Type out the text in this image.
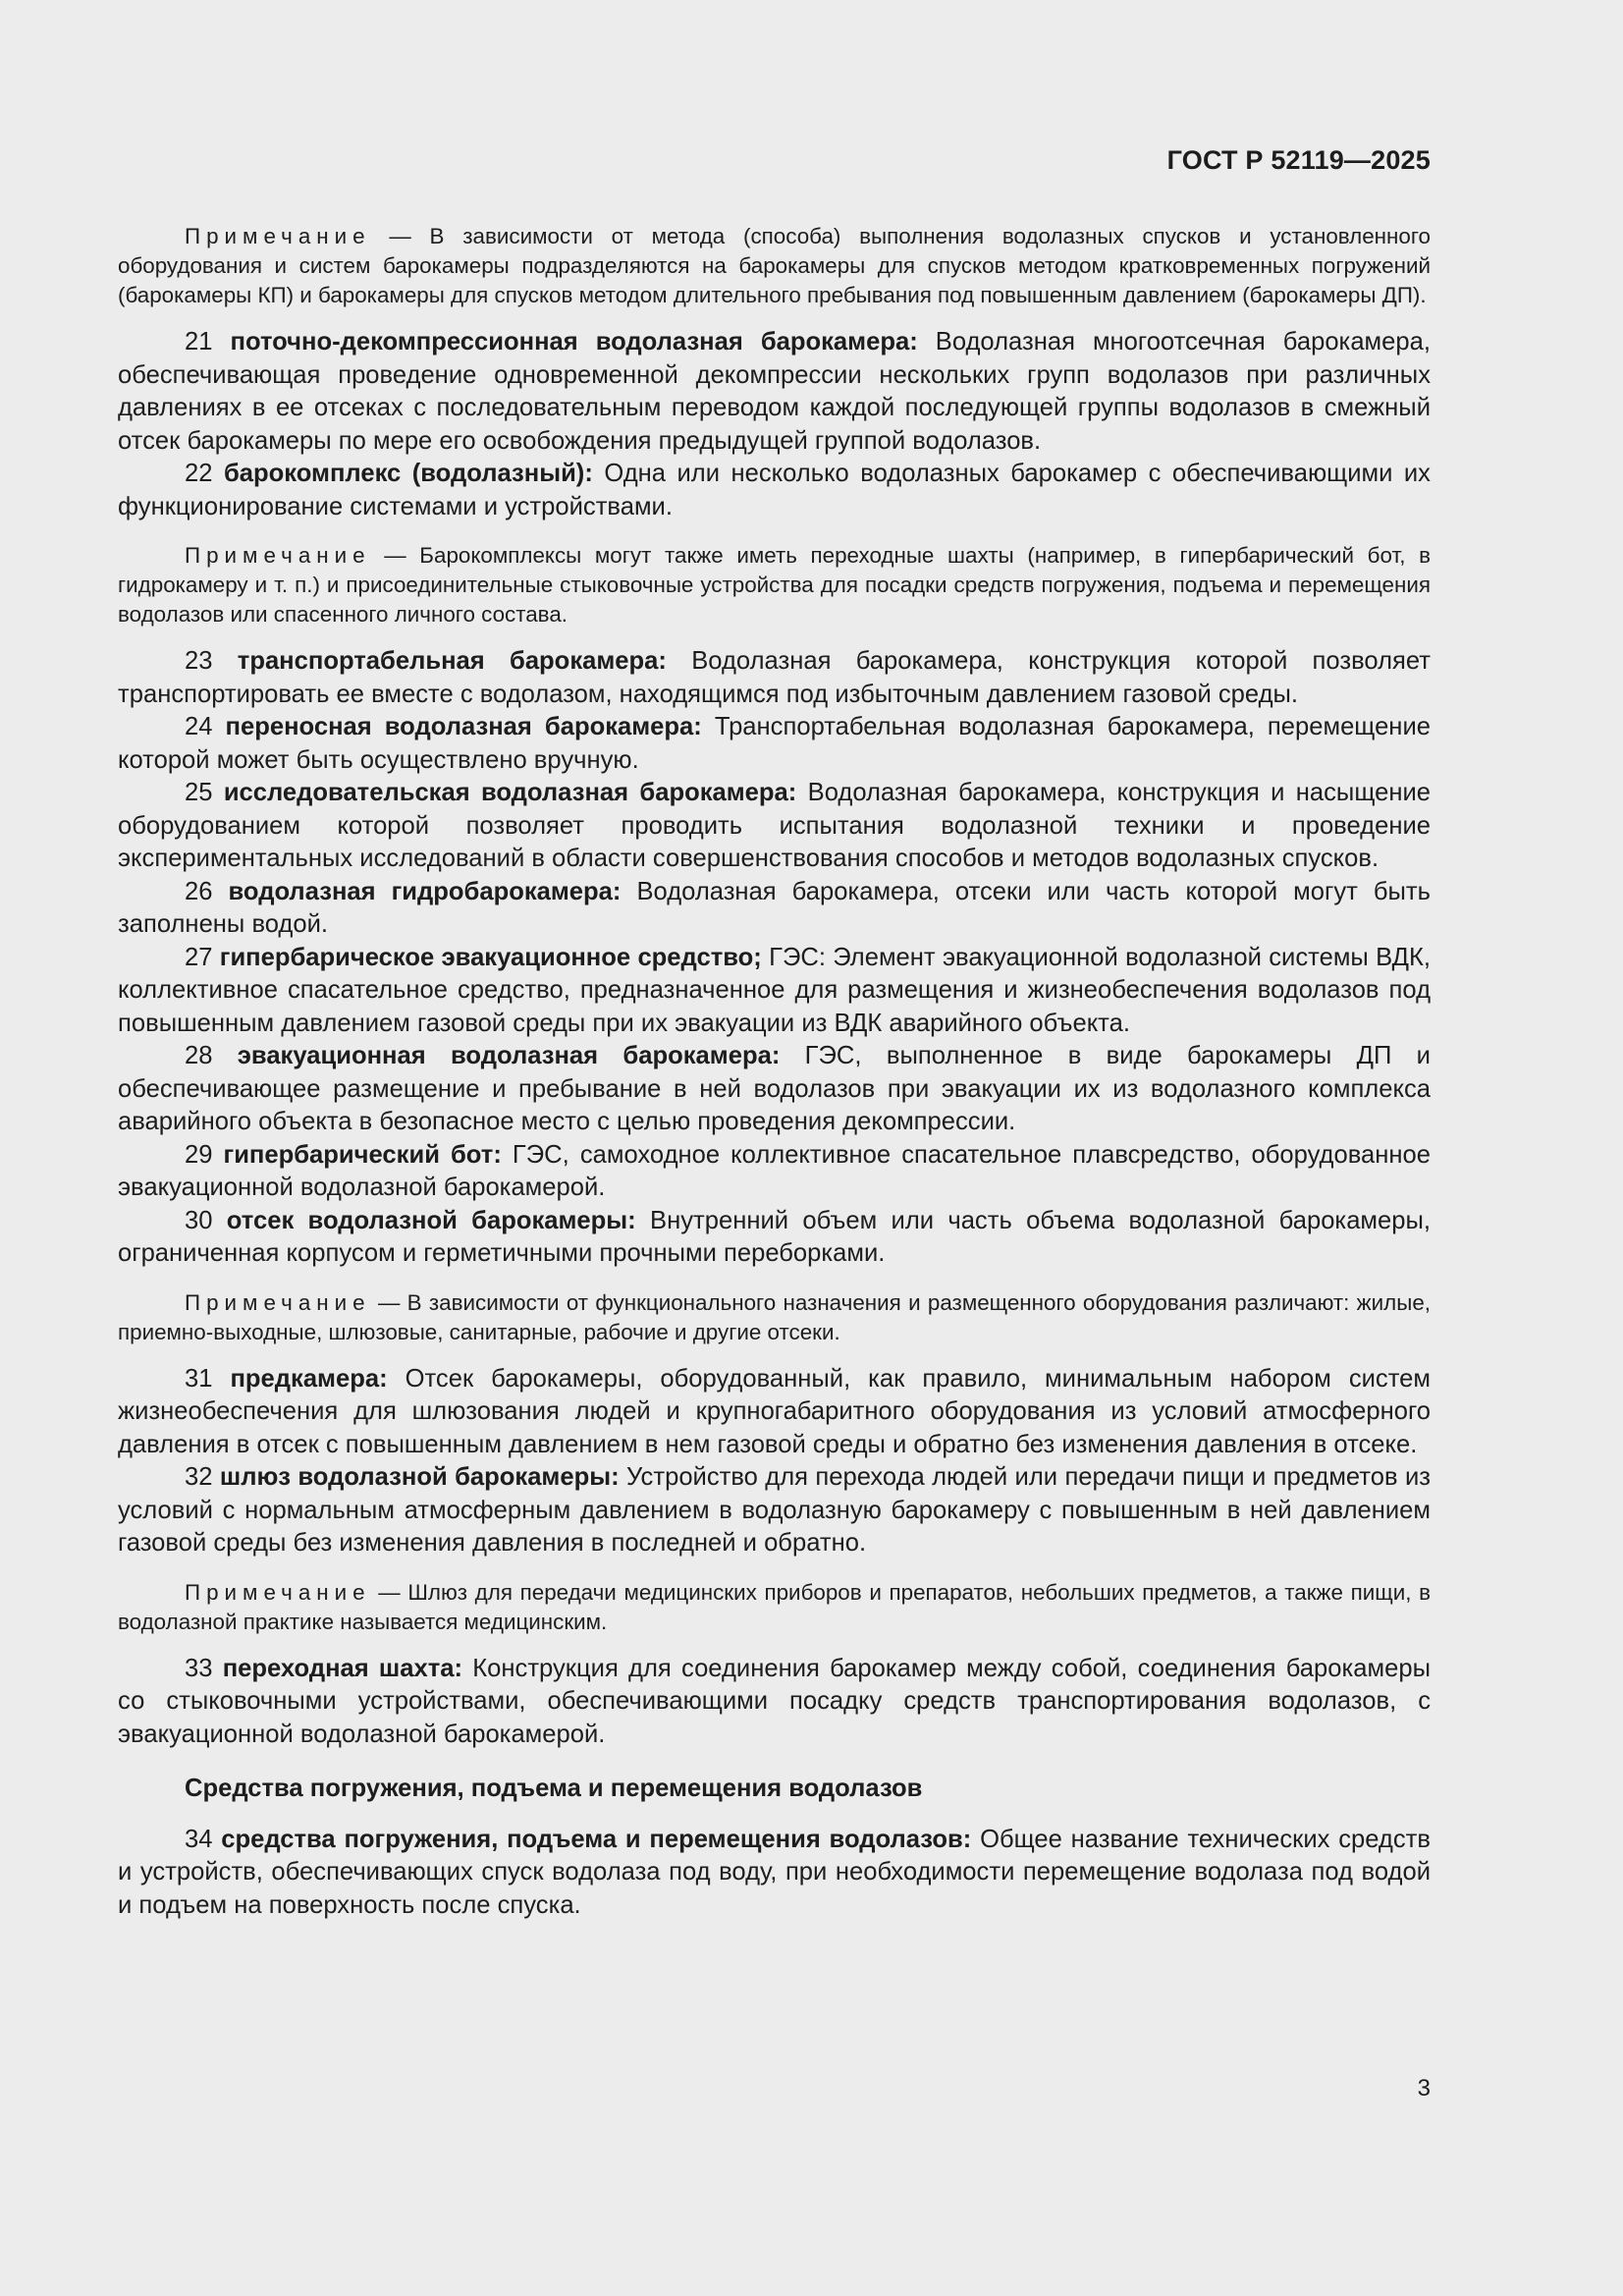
ГОСТ Р 52119—2025

Примечание — В зависимости от метода (способа) выполнения водолазных спусков и установленного оборудования и систем барокамеры подразделяются на барокамеры для спусков методом кратковременных погружений (барокамеры КП) и барокамеры для спусков методом длительного пребывания под повышенным давлением (барокамеры ДП).

21 поточно-декомпрессионная водолазная барокамера: Водолазная многоотсечная барокамера, обеспечивающая проведение одновременной декомпрессии нескольких групп водолазов при различных давлениях в ее отсеках с последовательным переводом каждой последующей группы водолазов в смежный отсек барокамеры по мере его освобождения предыдущей группой водолазов.

22 барокомплекс (водолазный): Одна или несколько водолазных барокамер с обеспечивающими их функционирование системами и устройствами.

Примечание — Барокомплексы могут также иметь переходные шахты (например, в гипербарический бот, в гидрокамеру и т. п.) и присоединительные стыковочные устройства для посадки средств погружения, подъема и перемещения водолазов или спасенного личного состава.

23 транспортабельная барокамера: Водолазная барокамера, конструкция которой позволяет транспортировать ее вместе с водолазом, находящимся под избыточным давлением газовой среды.

24 переносная водолазная барокамера: Транспортабельная водолазная барокамера, перемещение которой может быть осуществлено вручную.

25 исследовательская водолазная барокамера: Водолазная барокамера, конструкция и насыщение оборудованием которой позволяет проводить испытания водолазной техники и проведение экспериментальных исследований в области совершенствования способов и методов водолазных спусков.

26 водолазная гидробарокамера: Водолазная барокамера, отсеки или часть которой могут быть заполнены водой.

27 гипербарическое эвакуационное средство; ГЭС: Элемент эвакуационной водолазной системы ВДК, коллективное спасательное средство, предназначенное для размещения и жизнеобеспечения водолазов под повышенным давлением газовой среды при их эвакуации из ВДК аварийного объекта.

28 эвакуационная водолазная барокамера: ГЭС, выполненное в виде барокамеры ДП и обеспечивающее размещение и пребывание в ней водолазов при эвакуации их из водолазного комплекса аварийного объекта в безопасное место с целью проведения декомпрессии.

29 гипербарический бот: ГЭС, самоходное коллективное спасательное плавсредство, оборудованное эвакуационной водолазной барокамерой.

30 отсек водолазной барокамеры: Внутренний объем или часть объема водолазной барокамеры, ограниченная корпусом и герметичными прочными переборками.

Примечание — В зависимости от функционального назначения и размещенного оборудования различают: жилые, приемно-выходные, шлюзовые, санитарные, рабочие и другие отсеки.

31 предкамера: Отсек барокамеры, оборудованный, как правило, минимальным набором систем жизнеобеспечения для шлюзования людей и крупногабаритного оборудования из условий атмосферного давления в отсек с повышенным давлением в нем газовой среды и обратно без изменения давления в отсеке.

32 шлюз водолазной барокамеры: Устройство для перехода людей или передачи пищи и предметов из условий с нормальным атмосферным давлением в водолазную барокамеру с повышенным в ней давлением газовой среды без изменения давления в последней и обратно.

Примечание — Шлюз для передачи медицинских приборов и препаратов, небольших предметов, а также пищи, в водолазной практике называется медицинским.

33 переходная шахта: Конструкция для соединения барокамер между собой, соединения барокамеры со стыковочными устройствами, обеспечивающими посадку средств транспортирования водолазов, с эвакуационной водолазной барокамерой.

Средства погружения, подъема и перемещения водолазов

34 средства погружения, подъема и перемещения водолазов: Общее название технических средств и устройств, обеспечивающих спуск водолаза под воду, при необходимости перемещение водолаза под водой и подъем на поверхность после спуска.

3
